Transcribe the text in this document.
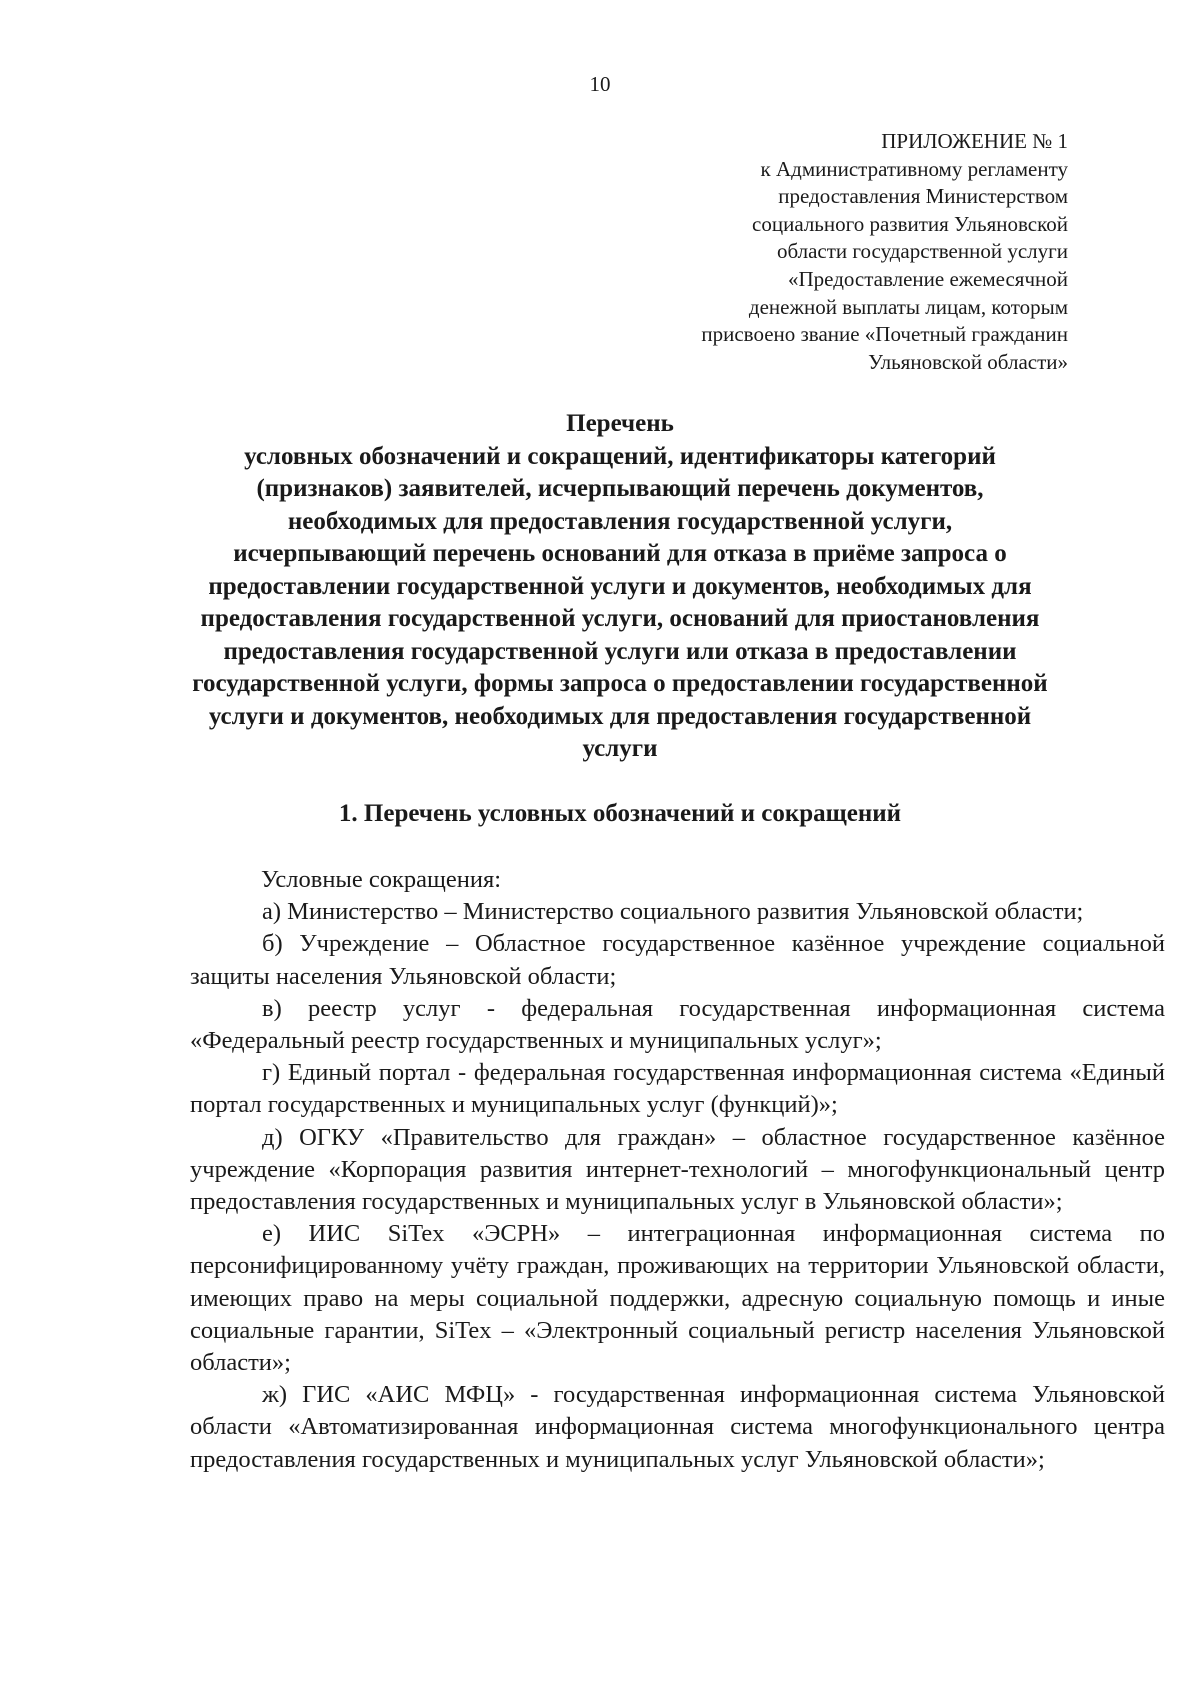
10
ПРИЛОЖЕНИЕ № 1
к Административному регламенту
предоставления Министерством
социального развития Ульяновской
области государственной услуги
«Предоставление ежемесячной
денежной выплаты лицам, которым
присвоено звание «Почетный гражданин
Ульяновской области»
Перечень
условных обозначений и сокращений, идентификаторы категорий
(признаков) заявителей, исчерпывающий перечень документов,
необходимых для предоставления государственной услуги,
исчерпывающий перечень оснований для отказа в приёме запроса о
предоставлении государственной услуги и документов, необходимых для
предоставления государственной услуги, оснований для приостановления
предоставления государственной услуги или отказа в предоставлении
государственной услуги, формы запроса о предоставлении государственной
услуги и документов, необходимых для предоставления государственной
услуги
1. Перечень условных обозначений и сокращений

Условные сокращения:

а) Министерство – Министерство социального развития Ульяновской области;

б) Учреждение – Областное государственное казённое учреждение социальной защиты населения Ульяновской области;

в) реестр услуг - федеральная государственная информационная система «Федеральный реестр государственных и муниципальных услуг»;

г) Единый портал - федеральная государственная информационная система «Единый портал государственных и муниципальных услуг (функций)»;

д) ОГКУ «Правительство для граждан» – областное государственное казённое учреждение «Корпорация развития интернет-технологий – многофункциональный центр предоставления государственных и муниципальных услуг в Ульяновской области»;

е) ИИС SiTex «ЭСРН» – интеграционная информационная система по персонифицированному учёту граждан, проживающих на территории Ульяновской области, имеющих право на меры социальной поддержки, адресную социальную помощь и иные социальные гарантии, SiTex – «Электронный социальный регистр населения Ульяновской области»;

ж) ГИС «АИС МФЦ» - государственная информационная система Ульяновской области «Автоматизированная информационная система многофункционального центра предоставления государственных и муниципальных услуг Ульяновской области»;
